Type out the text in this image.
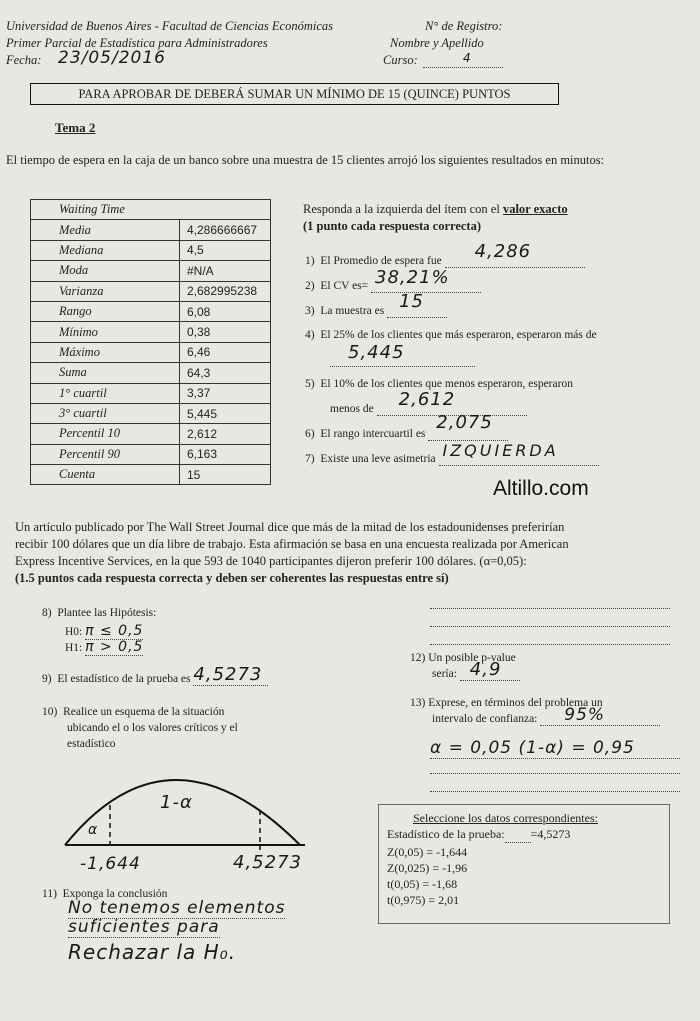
Universidad de Buenos Aires - Facultad de Ciencias Económicas
Primer Parcial de Estadística para Administradores
Fecha: 23/05/2016
N° de Registro:
Nombre y Apellido
Curso:	4
PARA APROBAR DE DEBERÁ SUMAR UN MÍNIMO DE 15 (QUINCE) PUNTOS
Tema 2
El tiempo de espera en la caja de un banco sobre una muestra de 15 clientes arrojó los siguientes resultados en minutos:
Waiting Time	
Media	4,286666667
Mediana	4,5
Moda	#N/A
Varianza	2,682995238
Rango	6,08
Mínimo	0,38
Máximo	6,46
Suma	64,3
1° cuartil	3,37
3° cuartil	5,445
Percentil 10	2,612
Percentil 90	6,163
Cuenta	15
Responda a la izquierda del ítem con el valor exacto
(1 punto cada respuesta correcta)
1) El Promedio de espera fue 4,286

2) El CV es= 38,21%

3) La muestra es 15

4) El 25% de los clientes que más esperaron, esperaron más de
5,445
5) El 10% de los clientes que menos esperaron, esperaron
menos de 2,612

6) El rango intercuartil es
2,075

7) Existe una leve asimetria IZQUIERDA

Altillo.com
Un artículo publicado por The Wall Street Journal dice que más de la mitad de los estadounidenses preferirían
recibir 100 dólares que un día libre de trabajo. Esta afirmación se basa en una encuesta realizada por American
Express Incentive Services, en la que 593 de 1040 participantes dijeron preferir 100 dólares. (α=0,05):
(1.5 puntos cada respuesta correcta y deben ser coherentes las respuestas entre sí)
8) Plantee las Hipótesis:
H0: π ≤ 0,5
H1: π > 0,5
9) El estadístico de la prueba es 4,5273

10) Realice un esquema de la situación
ubicando el o los valores críticos y el
estadístico
1-α
α
-1,644	4,5273
11) Exponga la conclusión
No tenemos elementos
suficientes para
Rechazar la H₀.
12) Un posible p-value
sería: 4,9

13) Exprese, en términos del problema un
intervalo de confianza: 95%

α = 0,05 (1-α) = 0,95
Seleccione los datos correspondientes:
Estadístico de la prueba: =4,5273
Z(0,05) = -1,644
Z(0,025) = -1,96
t(0,05) = -1,68
t(0,975) = 2,01
